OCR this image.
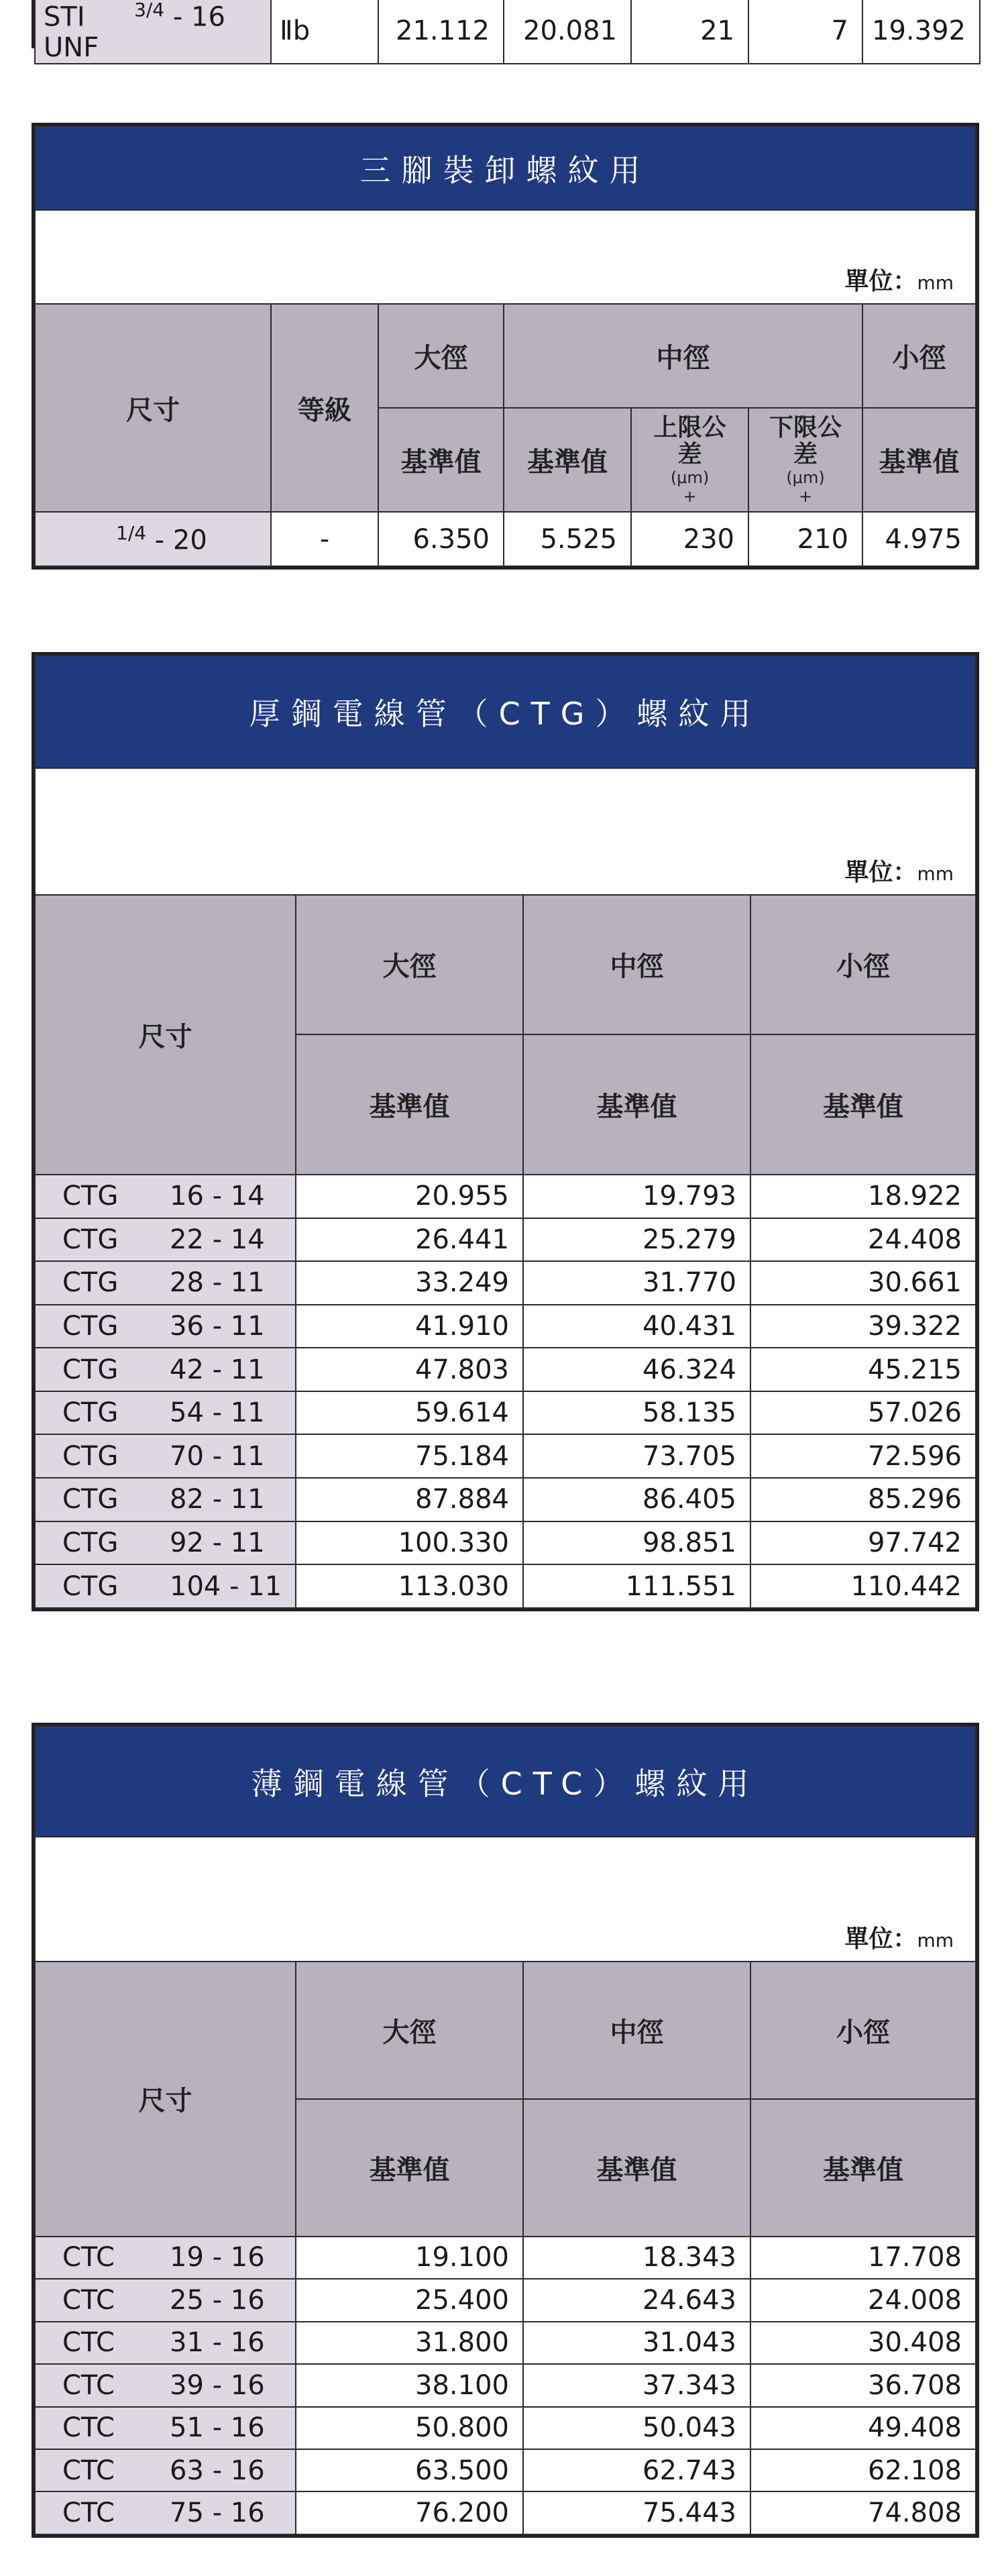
STI	$^{3/4}$ - 16 UNF	Ⅱb	21.112	20.081	21	7	19.392
三腳裝卸螺紋用						
單位：mm						
尺寸	等級	大徑	中徑			小徑
		基準值	基準值	上限公差
(μm)
+	下限公差
(μm)
+	基準值
$^{1/4}$ - 20	-	6.350	5.525	230	210	4.975
厚鋼電線管（CTG）螺紋用			
單位：mm			
尺寸	大徑	中徑	小徑
	基準值	基準值	基準值
CTG 16 - 14	20.955	19.793	18.922
CTG 22 - 14	26.441	25.279	24.408
CTG 28 - 11	33.249	31.770	30.661
CTG 36 - 11	41.910	40.431	39.322
CTG 42 - 11	47.803	46.324	45.215
CTG 54 - 11	59.614	58.135	57.026
CTG 70 - 11	75.184	73.705	72.596
CTG 82 - 11	87.884	86.405	85.296
CTG 92 - 11	100.330	98.851	97.742
CTG 104 - 11	113.030	111.551	110.442
薄鋼電線管（CTC）螺紋用			
單位：mm			
尺寸	大徑	中徑	小徑
	基準值	基準值	基準值
CTC 19 - 16	19.100	18.343	17.708
CTC 25 - 16	25.400	24.643	24.008
CTC 31 - 16	31.800	31.043	30.408
CTC 39 - 16	38.100	37.343	36.708
CTC 51 - 16	50.800	50.043	49.408
CTC 63 - 16	63.500	62.743	62.108
CTC 75 - 16	76.200	75.443	74.808
